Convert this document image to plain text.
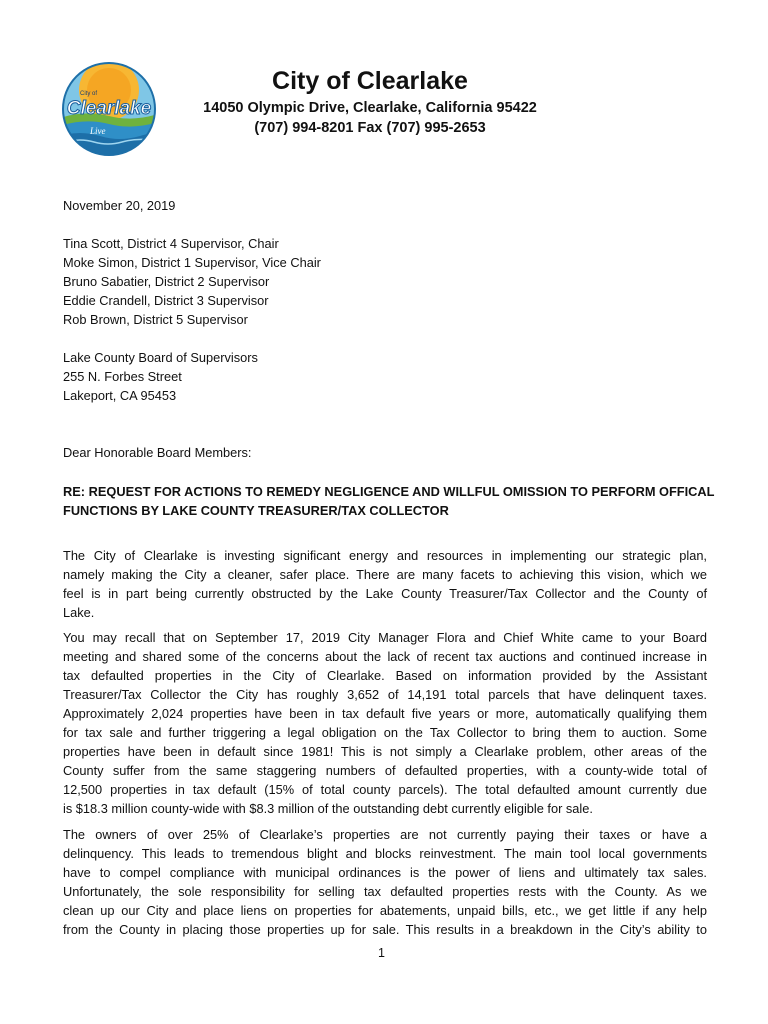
City of
Clearlake
Live
City of Clearlake
14050 Olympic Drive, Clearlake, California 95422
(707) 994-8201 Fax (707) 995-2653
November 20, 2019
Tina Scott, District 4 Supervisor, Chair
Moke Simon, District 1 Supervisor, Vice Chair
Bruno Sabatier, District 2 Supervisor
Eddie Crandell, District 3 Supervisor
Rob Brown, District 5 Supervisor
Lake County Board of Supervisors
255 N. Forbes Street
Lakeport, CA 95453
Dear Honorable Board Members:
RE: REQUEST FOR ACTIONS TO REMEDY NEGLIGENCE AND WILLFUL OMISSION TO PERFORM OFFICAL
FUNCTIONS BY LAKE COUNTY TREASURER/TAX COLLECTOR
The City of Clearlake is investing significant energy and resources in implementing our strategic plan,
namely making the City a cleaner, safer place. There are many facets to achieving this vision, which we
feel is in part being currently obstructed by the Lake County Treasurer/Tax Collector and the County of
Lake.
You may recall that on September 17, 2019 City Manager Flora and Chief White came to your Board
meeting and shared some of the concerns about the lack of recent tax auctions and continued increase in
tax defaulted properties in the City of Clearlake. Based on information provided by the Assistant
Treasurer/Tax Collector the City has roughly 3,652 of 14,191 total parcels that have delinquent taxes.
Approximately 2,024 properties have been in tax default five years or more, automatically qualifying them
for tax sale and further triggering a legal obligation on the Tax Collector to bring them to auction. Some
properties have been in default since 1981! This is not simply a Clearlake problem, other areas of the
County suffer from the same staggering numbers of defaulted properties, with a county-wide total of
12,500 properties in tax default (15% of total county parcels). The total defaulted amount currently due
is $18.3 million county-wide with $8.3 million of the outstanding debt currently eligible for sale.
The owners of over 25% of Clearlake’s properties are not currently paying their taxes or have a
delinquency. This leads to tremendous blight and blocks reinvestment. The main tool local governments
have to compel compliance with municipal ordinances is the power of liens and ultimately tax sales.
Unfortunately, the sole responsibility for selling tax defaulted properties rests with the County. As we
clean up our City and place liens on properties for abatements, unpaid bills, etc., we get little if any help
from the County in placing those properties up for sale. This results in a breakdown in the City’s ability to
1
